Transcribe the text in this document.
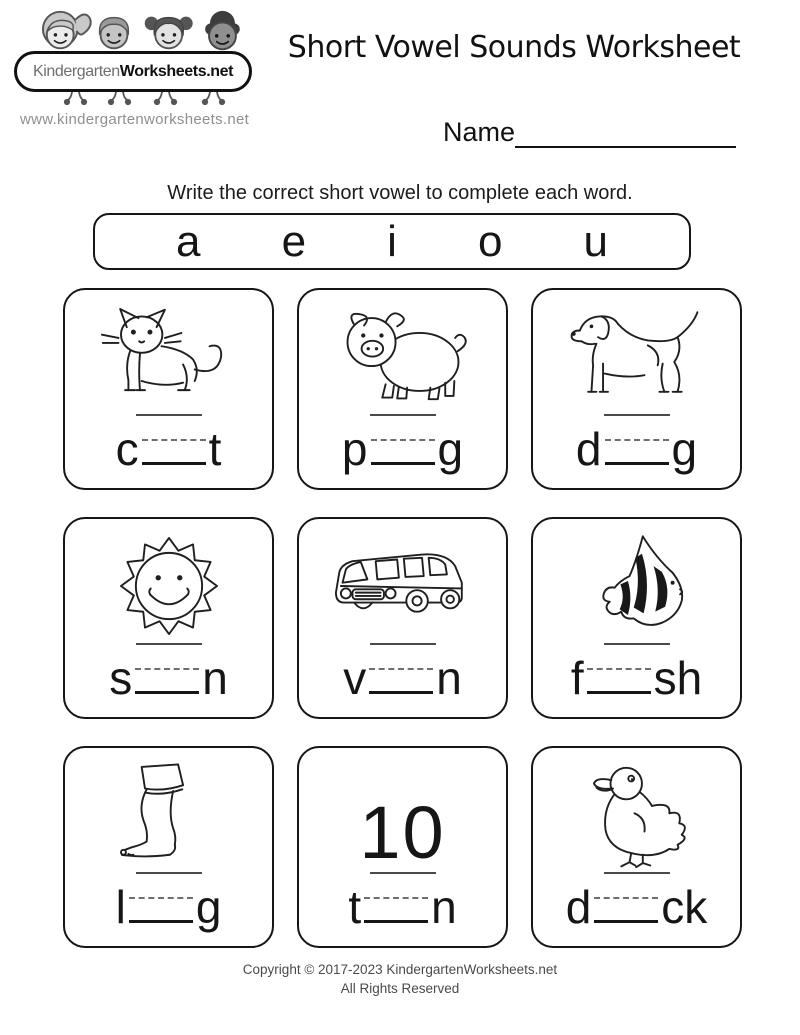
Kindergarten Worksheets.net
www.kindergartenworksheets.net
Short Vowel Sounds Worksheet
Name
Write the correct short vowel to complete each word.
a e i o u
c t	p g d g
s n	v n f sh
l g
10
t n d ck
Copyright © 2017-2023 KindergartenWorksheets.net
All Rights Reserved
